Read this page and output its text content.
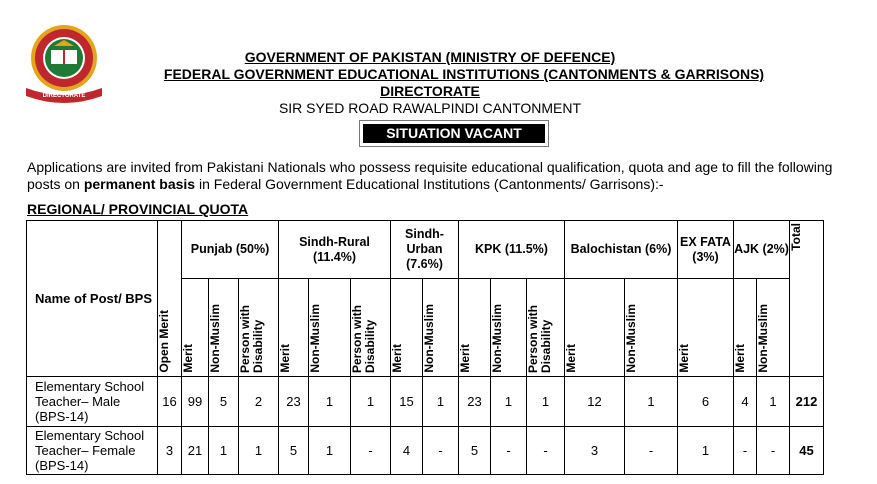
DIRECTORATE
GOVERNMENT OF PAKISTAN (MINISTRY OF DEFENCE)
FEDERAL GOVERNMENT EDUCATIONAL INSTITUTIONS (CANTONMENTS & GARRISONS)
DIRECTORATE
SIR SYED ROAD RAWALPINDI CANTONMENT
SITUATION VACANT
Applications are invited from Pakistani Nationals who possess requisite educational qualification, quota and age to fill the following posts on permanent basis in Federal Government Educational Institutions (Cantonments/ Garrisons):-
REGIONAL/ PROVINCIAL QUOTA
Name of Post/ BPS	Open Merit	Punjab (50%)			Sindh-Rural (11.4%)			Sindh-Urban (7.6%)		KPK (11.5%)			Balochistan (6%)		EX FATA (3%)	AJK (2%)		Total
		Merit	Non-Muslim	Person with Disability	Merit	Non-Muslim	Person with Disability	Merit	Non-Muslim	Merit	Non-Muslim	Person with Disability	Merit	Non-Muslim	Merit	Merit	Non-Muslim	
Elementary School Teacher– Male (BPS-14)	16	99	5	2	23	1	1	15	1	23	1	1	12	1	6	4	1	212
Elementary School Teacher– Female (BPS-14)	3	21	1	1	5	1	-	4	-	5	-	-	3	-	1	-	-	45
